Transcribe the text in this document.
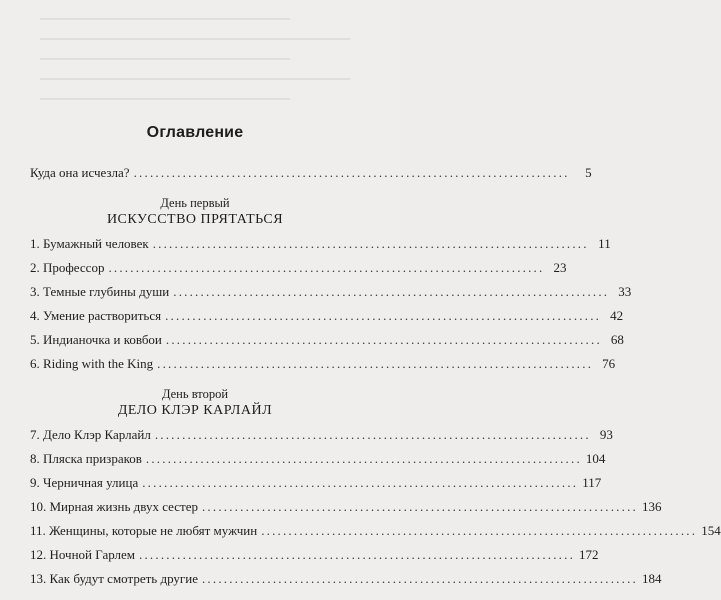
Оглавление
Куда она исчезла? ................................................................................	5
День первый
ИСКУССТВО ПРЯТАТЬСЯ
1. Бумажный человек ................................................................................ 11
2. Профессор ................................................................................ 23
3. Темные глубины души ................................................................................ 33
4. Умение раствориться ................................................................................ 42
5. Индианочка и ковбои ................................................................................ 68
6. Riding with the King ................................................................................ 76
День второй
ДЕЛО КЛЭР КАРЛАЙЛ
7. Дело Клэр Карлайл ................................................................................ 93
8. Пляска призраков ................................................................................ 104
9. Черничная улица ................................................................................ 117
10. Мирная жизнь двух сестер ................................................................................ 136
11. Женщины, которые не любят мужчин ................................................................................ 154
12. Ночной Гарлем ................................................................................ 172
13. Как будут смотреть другие ................................................................................ 184
